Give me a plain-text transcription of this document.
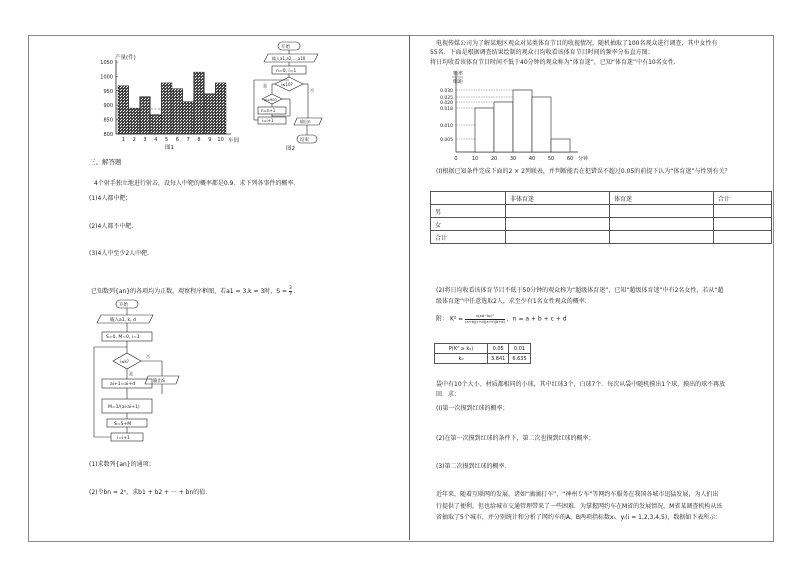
产量(件)
1050
1000
950
900
850
800
1 2 3 4 5 6 7 8 9 10 车间
图1
开始
输入a1,a2,…,a10
n=0, i=1
i≤10?
是
否
ai≥900
n=n+1
i=i+1	输出n
结束
图2
三、解答题
4个射手独立地进行射击，设每人中靶的概率都是0.9．求下列各事件的概率．
(1)4人都中靶；
(2)4人都不中靶．
(3)4人中至少2人中靶．
已知数列{an}的各项均为正数，观察程序框图，若a1 = 3,k = 3时，$S = \frac{3}{7}$ ．
开始
输入a1, k, d
S=0, M=0, i=1
i≤k?
是
否
ai+1=ai+d
M=1/(ai·ai+1)
S=S+M
i=i+1
输出S
(1)求数列{an}的通项；
(2)令bn = 2ⁿ，求b1 + b2 + ··· + bn的值．
电视传媒公司为了解某地区观众对某类体育节目的收视情况，随机抽取了100名观众进行调查，其中女性有
55名．下面是根据调查结果绘制的观众日均收看该体育节目时间的频率分布直方图；
将日均收看该体育节目时间不低于40分钟的观众称为“体育迷”，已知“体育迷”中有10名女性．
频率
组距
0.030
0.025
0.020
0.018
0.010
0.005
0	10	20	30	40	50	60 分钟
(I)根据已知条件完成下面的2 × 2列联表，并判断能否在犯错误不超过0.05的前提下认为“体育迷”与性别有关？
	非体育迷	体育迷	合计
男			
女			
合计			
(2)将日均收看该体育节目不低于50分钟的观众称为“超级体育迷”，已知“超级体育迷”中有2名女性，若从“超
级体育迷”中任意选取2人，求至少有1名女性观众的概率．
附： $K^2 = \frac{\text{n(ad−bc)²}}{(a+b)(c+d)(a+c)(b+d)}$ ，n = a + b + c + d
P(K² ≥ k₀)	0.05	0.01
k₀	3.841	6.635
袋中有10个大小、材质都相同的小球，其中红球3个，白球7个．每次从袋中随机摸出1个球，摸出的球不再放
回．求：
(I)第一次摸到红球的概率；
(2)在第一次摸到红球的条件下，第二次也摸到红球的概率；
(3)第二次摸到红球的概率．
近年来，随着互联网的发展，诸如“滴滴打车”、“神州专车”等网约车服务在我国各城市迅猛发展，为人们出
行提供了便利，但也给城市交通管理带来了一些困难．为掌握网约车在M省的发展情况，M省某调查机构从该
省抽取了5个城市，并分别统计和分析了网约车的A、B两项指标数xᵢ、yᵢ(i = 1,2,3,4,5)，数据如下表所示：
